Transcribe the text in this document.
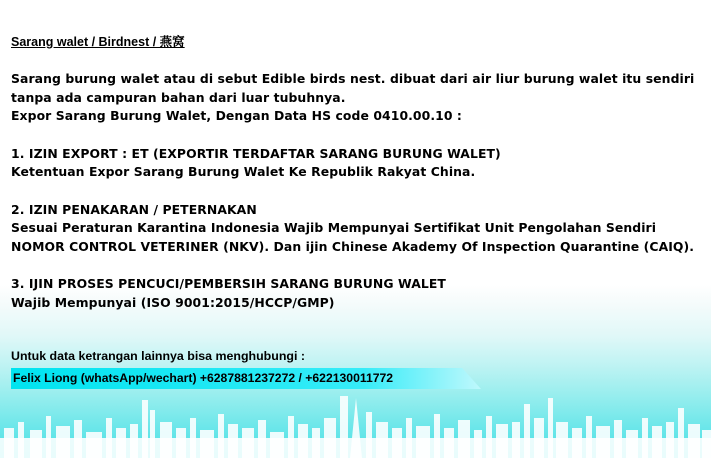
Sarang walet / Birdnest / 燕窝
Sarang burung walet atau di sebut Edible birds nest. dibuat dari air liur burung walet itu sendiri
tanpa ada campuran bahan dari luar tubuhnya.
Expor Sarang Burung Walet, Dengan Data HS code 0410.00.10 :
1. IZIN EXPORT : ET (EXPORTIR TERDAFTAR SARANG BURUNG WALET)
Ketentuan Expor Sarang Burung Walet Ke Republik Rakyat China.
2. IZIN PENAKARAN / PETERNAKAN
Sesuai Peraturan Karantina Indonesia Wajib Mempunyai Sertifikat Unit Pengolahan Sendiri
NOMOR CONTROL VETERINER (NKV). Dan ijin Chinese Akademy Of Inspection Quarantine (CAIQ).
3. IJIN PROSES PENCUCI/PEMBERSIH SARANG BURUNG WALET
Wajib Mempunyai (ISO 9001:2015/HCCP/GMP)
Untuk data ketrangan lainnya bisa menghubungi :
Felix Liong (whatsApp/wechart) +6287881237272 / +622130011772
